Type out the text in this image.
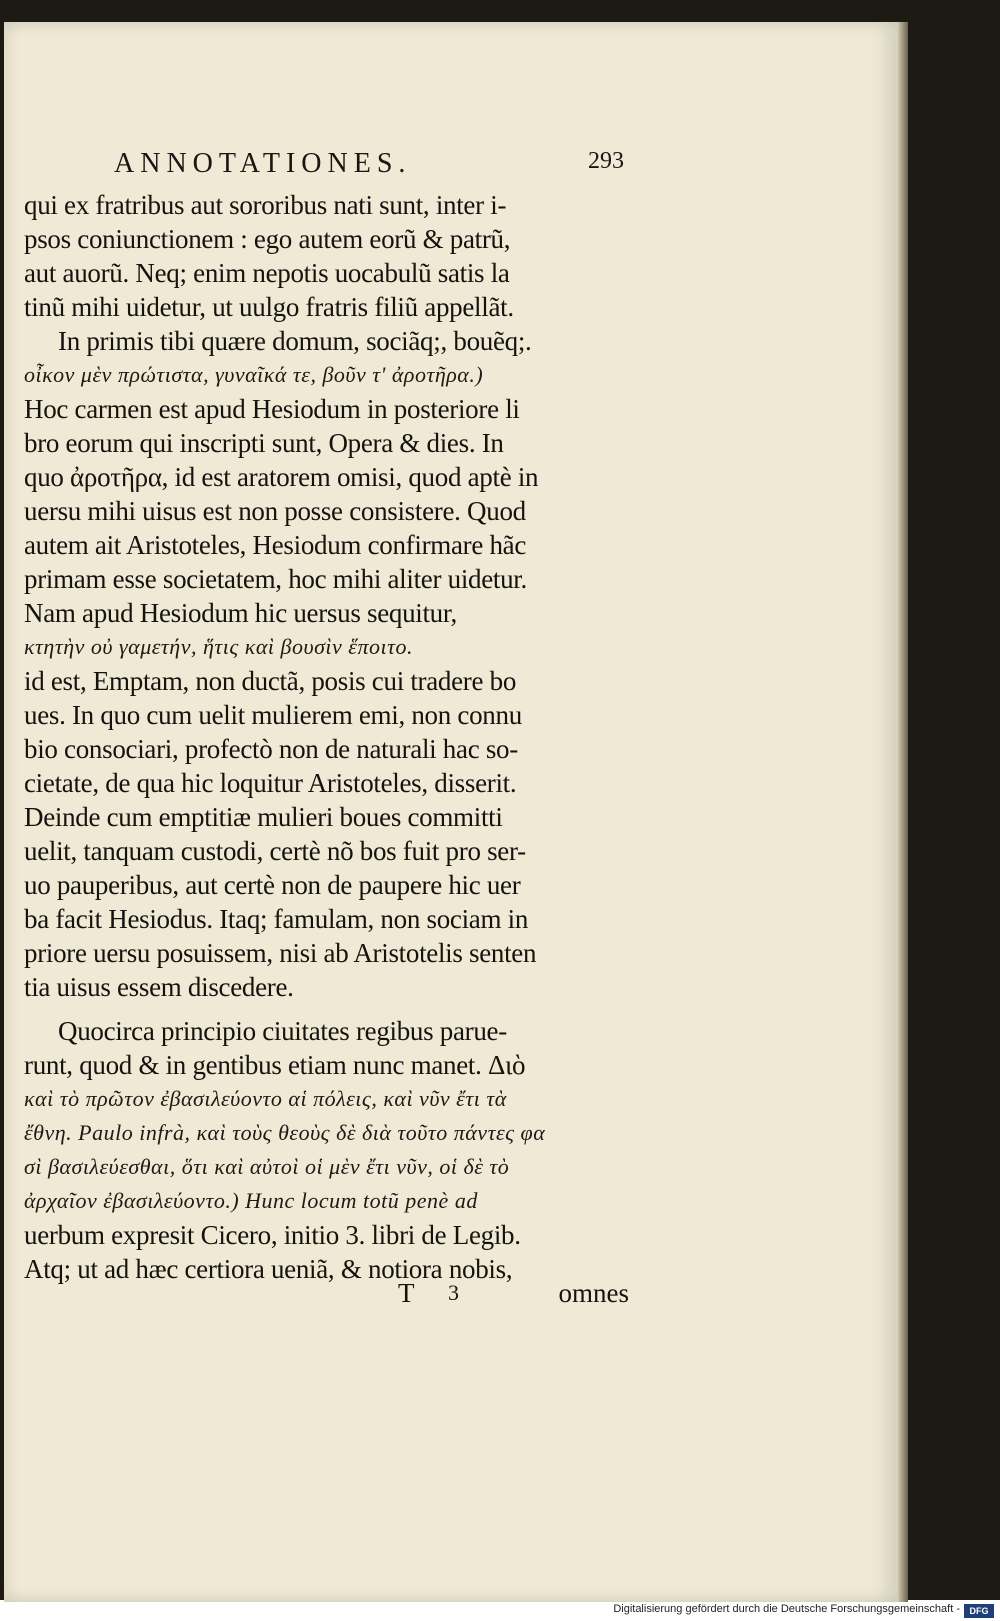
ANNOTATIONES.	293
qui ex fratribus aut sororibus nati sunt, inter i-
psos coniunctionem : ego autem eorũ & patrũ,
aut auorũ. Neq; enim nepotis uocabulũ satis la
tinũ mihi uidetur, ut uulgo fratris filiũ appellãt.
In primis tibi quære domum, sociãq;, bouẽq;.
οἶκον μὲν πρώτιστα, γυναῖκά τε, βοῦν τ' ἀροτῆρα.)
Hoc carmen est apud Hesiodum in posteriore li
bro eorum qui inscripti sunt, Opera & dies. In
quo ἀροτῆρα, id est aratorem omisi, quod aptè in
uersu mihi uisus est non posse consistere. Quod
autem ait Aristoteles, Hesiodum confirmare hãc
primam esse societatem, hoc mihi aliter uidetur.
Nam apud Hesiodum hic uersus sequitur,
κτητὴν οὐ γαμετήν, ἥτις καὶ βουσὶν ἕποιτο.
id est, Emptam, non ductã, posis cui tradere bo
ues. In quo cum uelit mulierem emi, non connu
bio consociari, profectò non de naturali hac so-
cietate, de qua hic loquitur Aristoteles, disserit.
Deinde cum emptitiæ mulieri boues committi
uelit, tanquam custodi, certè nõ bos fuit pro ser-
uo pauperibus, aut certè non de paupere hic uer
ba facit Hesiodus. Itaq; famulam, non sociam in
priore uersu posuissem, nisi ab Aristotelis senten
tia uisus essem discedere.
Quocirca principio ciuitates regibus parue-
runt, quod & in gentibus etiam nunc manet. Διὸ
καὶ τὸ πρῶτον ἐβασιλεύοντο αἱ πόλεις, καὶ νῦν ἔτι τὰ
ἔθνη. Paulo infrà, καὶ τοὺς θεοὺς δὲ διὰ τοῦτο πάντες φα
σὶ βασιλεύεσθαι, ὅτι καὶ αὐτοὶ οἱ μὲν ἔτι νῦν, οἱ δὲ τὸ
ἀρχαῖον ἐβασιλεύοντο.) Hunc locum totũ penè ad
uerbum expresit Cicero, initio 3. libri de Legib.
Atq; ut ad hæc certiora ueniã, & notiora nobis,
T 3	omnes
Digitalisierung gefördert durch die Deutsche Forschungsgemeinschaft -	DFG
